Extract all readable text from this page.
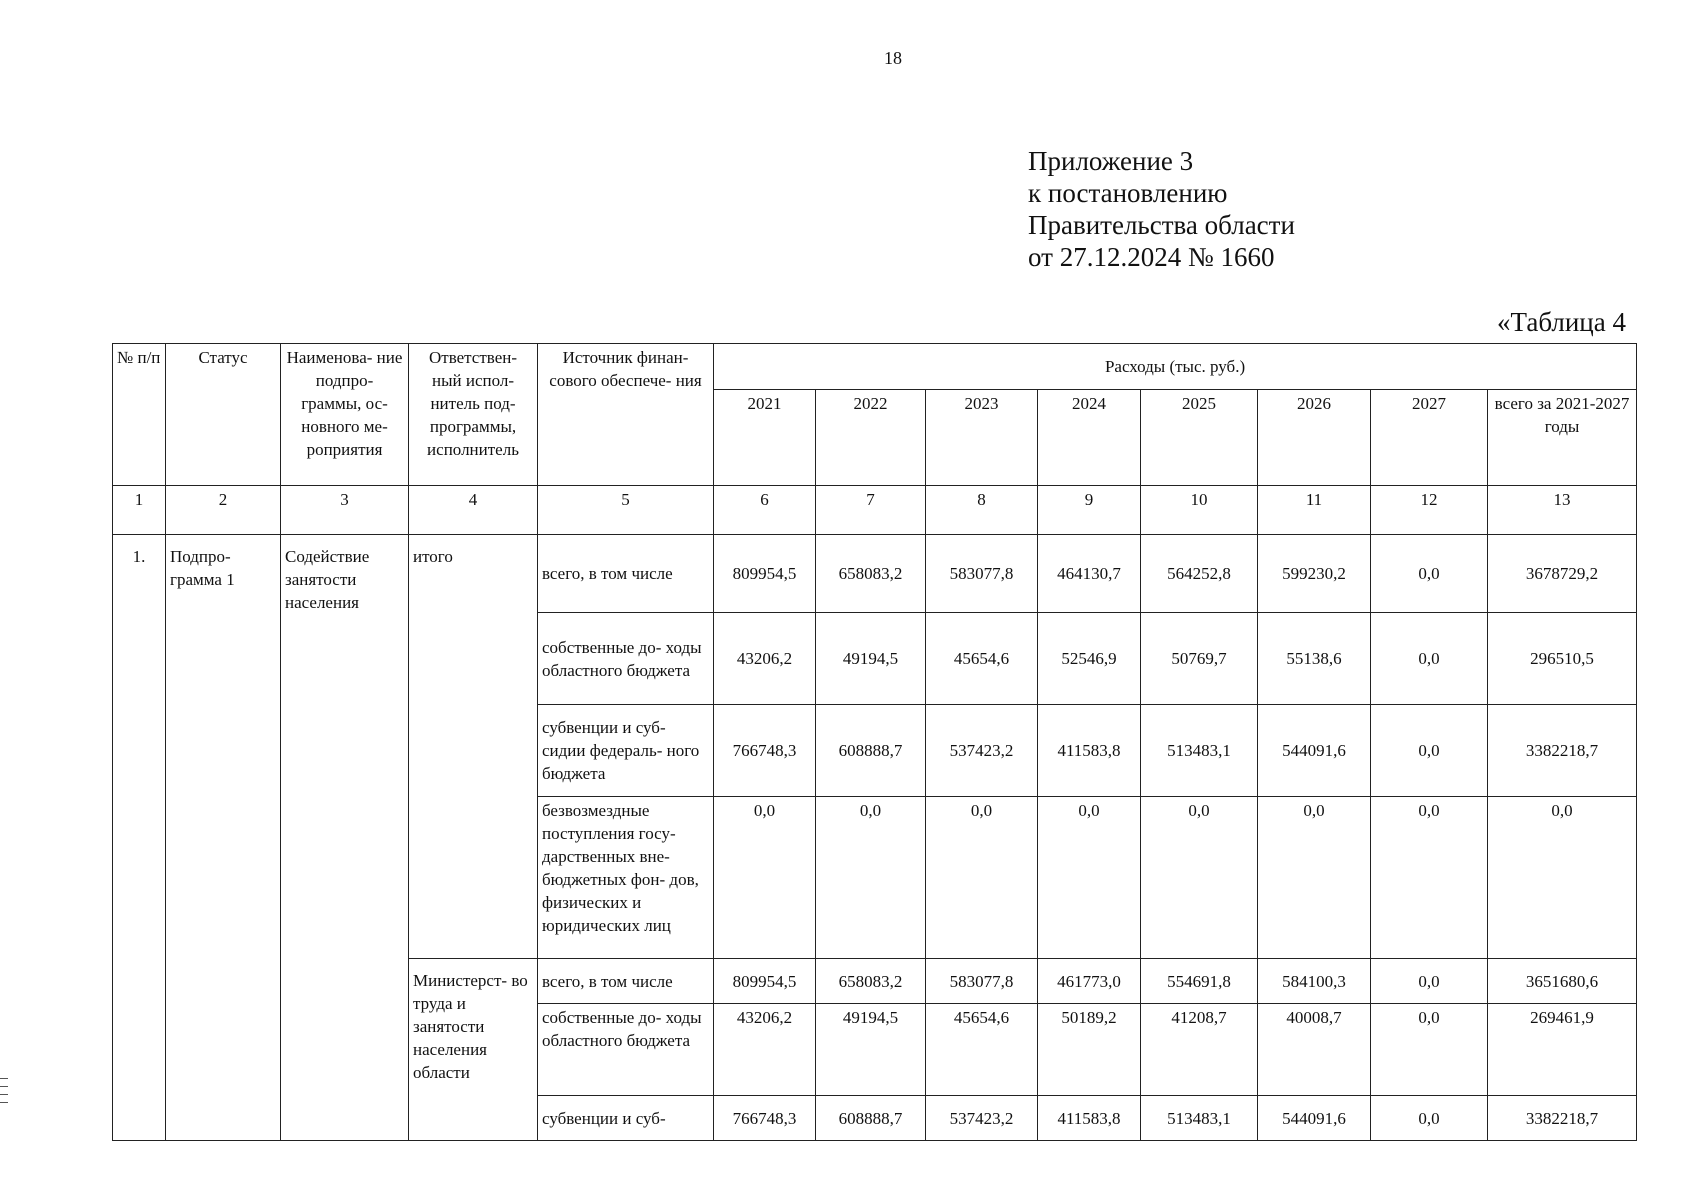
18
Приложение 3
к постановлению
Правительства области
от 27.12.2024 № 1660
«Таблица 4
№ п/п	Статус	Наименова- ние подпро- граммы, ос- новного ме- роприятия	Ответствен- ный испол- нитель под- программы, исполнитель	Источник финан- сового обеспече- ния	Расходы (тыс. руб.)							
					2021	2022	2023	2024	2025	2026	2027	всего за 2021-2027 годы
1	2	3	4	5	6	7	8	9	10	11	12	13
1.	Подпро- грамма 1	Содействие занятости населения	итого	всего, в том числе	809954,5	658083,2	583077,8	464130,7	564252,8	599230,2	0,0	3678729,2
				собственные до- ходы областного бюджета	43206,2	49194,5	45654,6	52546,9	50769,7	55138,6	0,0	296510,5
				субвенции и суб- сидии федераль- ного бюджета	766748,3	608888,7	537423,2	411583,8	513483,1	544091,6	0,0	3382218,7
				безвозмездные поступления госу- дарственных вне- бюджетных фон- дов, физических и юридических лиц	0,0	0,0	0,0	0,0	0,0	0,0	0,0	0,0
			Министерст- во труда и занятости населения области	всего, в том числе	809954,5	658083,2	583077,8	461773,0	554691,8	584100,3	0,0	3651680,6
				собственные до- ходы областного бюджета	43206,2	49194,5	45654,6	50189,2	41208,7	40008,7	0,0	269461,9
				субвенции и суб-	766748,3	608888,7	537423,2	411583,8	513483,1	544091,6	0,0	3382218,7
